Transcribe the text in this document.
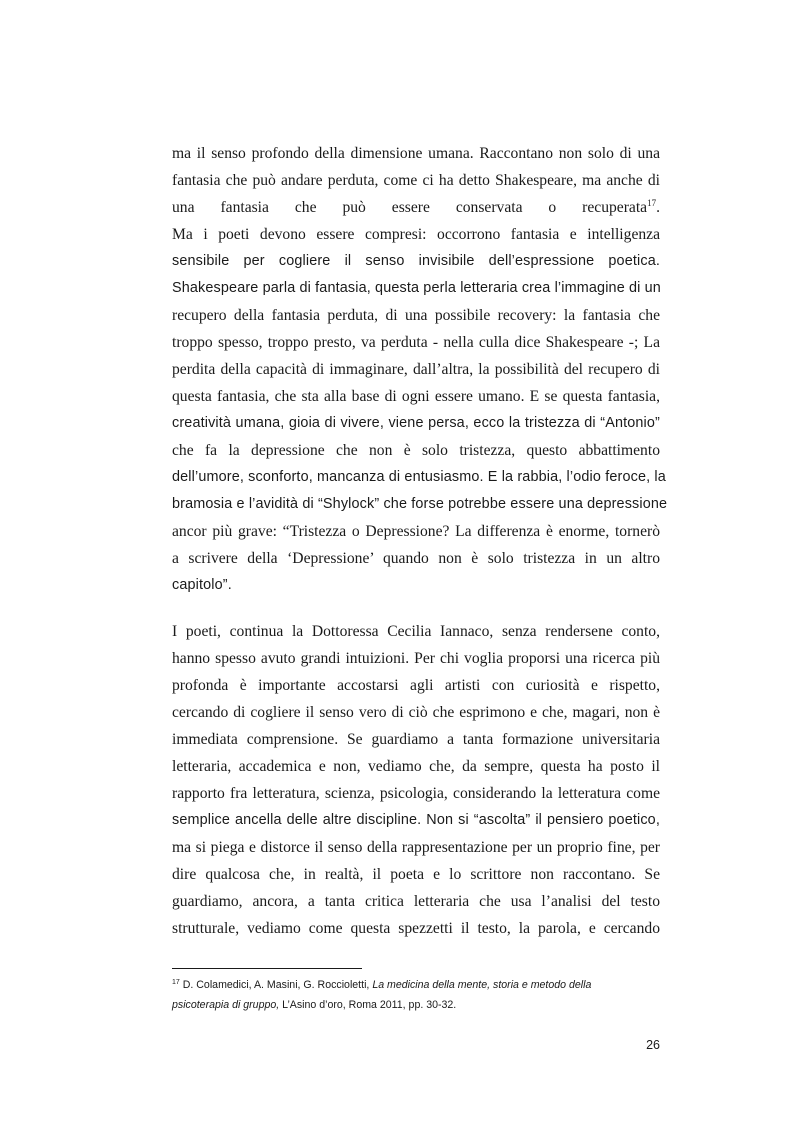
ma il senso profondo della dimensione umana. Raccontano non solo di una
fantasia che può andare perduta, come ci ha detto Shakespeare, ma anche di
una fantasia che può essere conservata o recuperata$^{17}$.
Ma i poeti devono essere compresi: occorrono fantasia e intelligenza
sensibile per cogliere il senso invisibile dell’espressione poetica.
Shakespeare parla di fantasia, questa perla letteraria crea l’immagine di un
recupero della fantasia perduta, di una possibile recovery: la fantasia che
troppo spesso, troppo presto, va perduta - nella culla dice Shakespeare -; La
perdita della capacità di immaginare, dall’altra, la possibilità del recupero di
questa fantasia, che sta alla base di ogni essere umano. E se questa fantasia,
creatività umana, gioia di vivere, viene persa, ecco la tristezza di “Antonio”
che fa la depressione che non è solo tristezza, questo abbattimento
dell’umore, sconforto, mancanza di entusiasmo. E la rabbia, l’odio feroce, la
bramosia e l’avidità di “Shylock” che forse potrebbe essere una depressione
ancor più grave: “Tristezza o Depressione? La differenza è enorme, tornerò
a scrivere della ‘Depressione’ quando non è solo tristezza in un altro
capitolo”.
I poeti, continua la Dottoressa Cecilia Iannaco, senza rendersene conto,
hanno spesso avuto grandi intuizioni. Per chi voglia proporsi una ricerca più
profonda è importante accostarsi agli artisti con curiosità e rispetto,
cercando di cogliere il senso vero di ciò che esprimono e che, magari, non è
immediata comprensione. Se guardiamo a tanta formazione universitaria
letteraria, accademica e non, vediamo che, da sempre, questa ha posto il
rapporto fra letteratura, scienza, psicologia, considerando la letteratura come
semplice ancella delle altre discipline. Non si “ascolta” il pensiero poetico,
ma si piega e distorce il senso della rappresentazione per un proprio fine, per
dire qualcosa che, in realtà, il poeta e lo scrittore non raccontano. Se
guardiamo, ancora, a tanta critica letteraria che usa l’analisi del testo
strutturale, vediamo come questa spezzetti il testo, la parola, e cercando
$^{17}$ D. Colamedici, A. Masini, G. Roccioletti, La medicina della mente, storia e metodo della
psicoterapia di gruppo, L’Asino d’oro, Roma 2011, pp. 30-32.
26
